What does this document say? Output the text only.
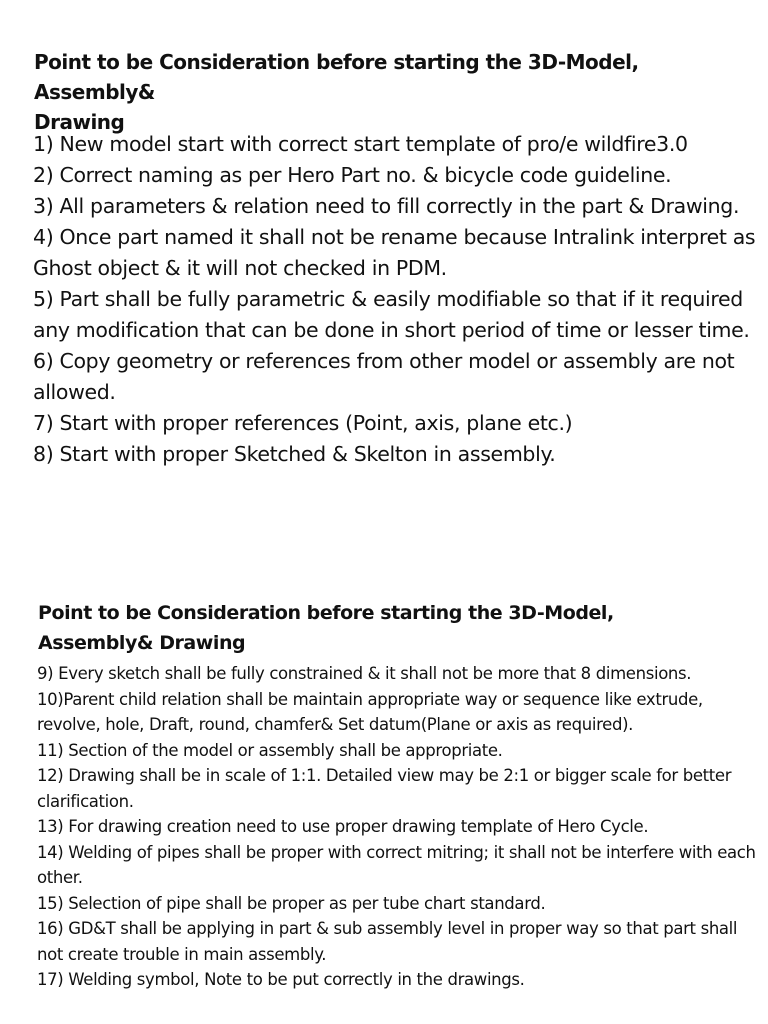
Point to be Consideration before starting the 3D-Model, Assembly&
Drawing
1) New model start with correct start template of pro/e wildfire3.0
2) Correct naming as per Hero Part no. & bicycle code guideline.
3) All parameters & relation need to fill correctly in the part & Drawing.
4) Once part named it shall not be rename because Intralink interpret as Ghost object & it will not checked in PDM.
5) Part shall be fully parametric & easily modifiable so that if it required any modification that can be done in short period of time or lesser time.
6) Copy geometry or references from other model or assembly are not allowed.
7) Start with proper references (Point, axis, plane etc.)
8) Start with proper Sketched & Skelton in assembly.
Point to be Consideration before starting the 3D-Model,
Assembly& Drawing
9) Every sketch shall be fully constrained & it shall not be more that 8 dimensions.
10)Parent child relation shall be maintain appropriate way or sequence like extrude, revolve, hole, Draft, round, chamfer& Set datum(Plane or axis as required).
11) Section of the model or assembly shall be appropriate.
12) Drawing shall be in scale of 1:1. Detailed view may be 2:1 or bigger scale for better clarification.
13) For drawing creation need to use proper drawing template of Hero Cycle.
14) Welding of pipes shall be proper with correct mitring; it shall not be interfere with each other.
15) Selection of pipe shall be proper as per tube chart standard.
16) GD&T shall be applying in part & sub assembly level in proper way so that part shall not create trouble in main assembly.
17) Welding symbol, Note to be put correctly in the drawings.
